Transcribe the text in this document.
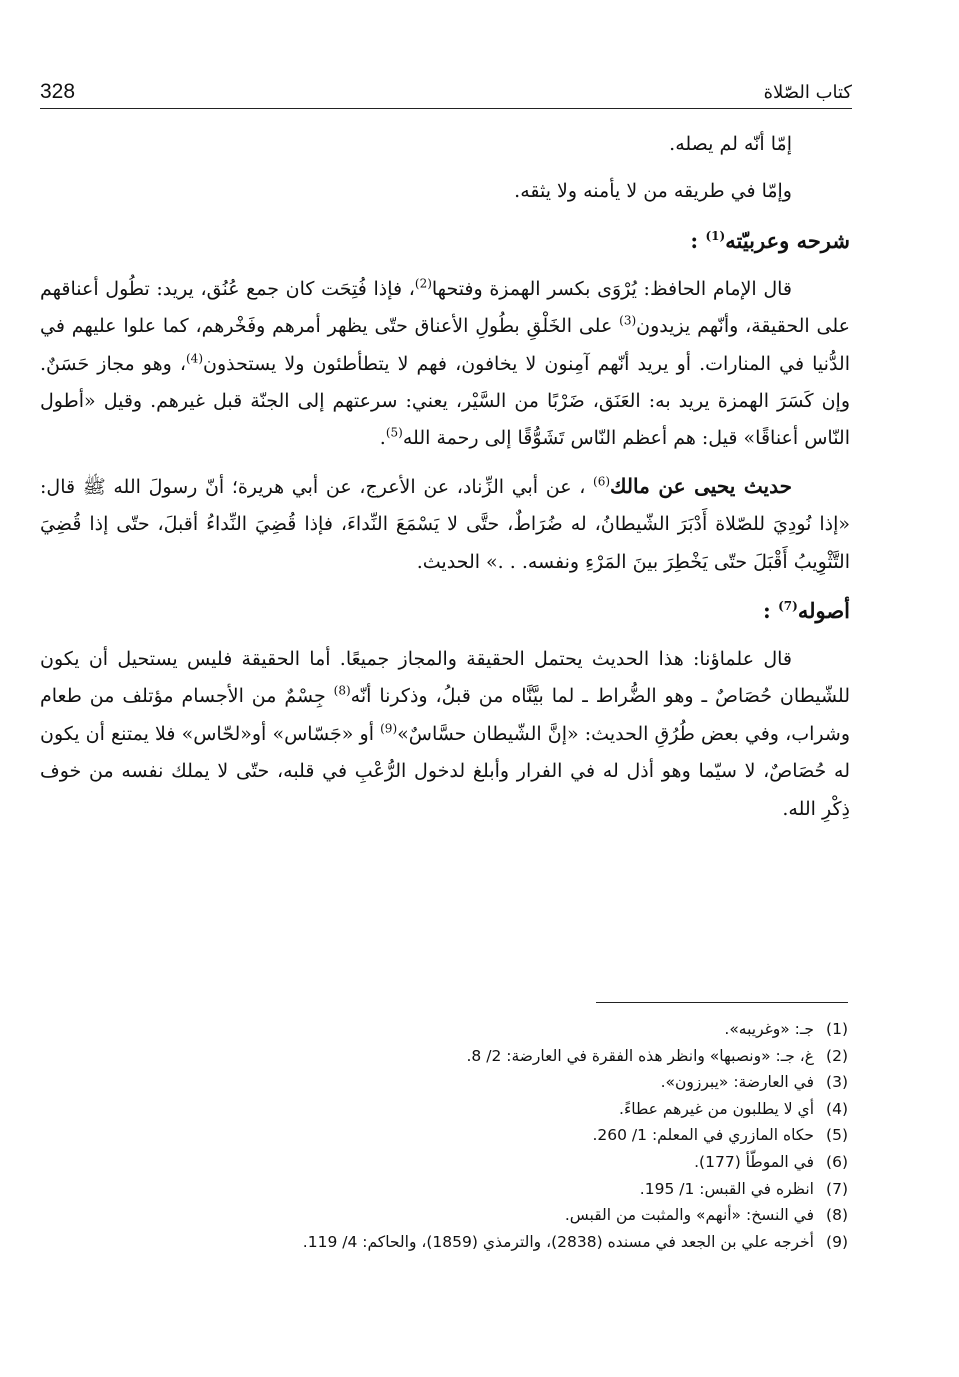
328	كتاب الصّلاة

إمّا أنّه لم يصله.

وإمّا في طريقه من لا يأمنه ولا يثقه.

شرحه وعربيّته$^{(1)}$ :

قال الإمام الحافظ: يُرْوَى بكسر الهمزة وفتحها$^{(2)}$، فإذا فُتِحَت كان جمع عُنُق، يريد: تطُول أعناقهم على الحقيقة، وأنّهم يزيدون$^{(3)}$ على الخَلْقِ بطُولِ الأعناق حتّى يظهر أمرهم وفَخْرهم، كما علوا عليهم في الدُّنيا في المنارات. أو يريد أنّهم آمِنون لا يخافون، فهم لا يتطأطئون ولا يستحذون$^{(4)}$، وهو مجاز حَسَنٌ. وإن كَسَرَ الهمزة يريد به: العَنَق، ضَرْبًا من السَّيْر، يعني: سرعتهم إلى الجنّة قبل غيرهم. وقيل «أطول النّاس أعناقًا» قيل: هم أعظم النّاس تَشَوُّقًا إلى رحمة الله$^{(5)}$.

حديث يحيى عن مالك$^{(6)}$ ، عن أبي الزِّناد، عن الأعرج، عن أبي هريرة؛ أنّ رسولَ الله ﷺ قال: «إذا نُودِيَ للصّلاة أَدْبَرَ الشّيطانُ، له ضُرَاطٌ، حتَّى لا يَسْمَعَ النِّداءَ، فإذا قُضِيَ النِّداءُ أقبلَ، حتّى إذا قُضِيَ التَّثْوِيبُ أَقْبَلَ حتّى يَخْطِرَ بينَ المَرْءِ ونفسه. . .» الحديث.

أصوله$^{(7)}$ :

قال علماؤنا: هذا الحديث يحتمل الحقيقة والمجاز جميعًا. أما الحقيقة فليس يستحيل أن يكون للشّيطان حُصَاصٌ ـ وهو الضُّراط ـ لما بيَّنَّاه من قبلُ، وذكرنا أنّه$^{(8)}$ جِسْمٌ من الأجسام مؤتلف من طعام وشراب، وفي بعض طُرُقِ الحديث: «إنَّ الشّيطان حسَّاسٌ»$^{(9)}$ أو «جَسّاس» أو«لحّاس» فلا يمتنع أن يكون له حُصَاصٌ، لا سيّما وهو أذل له في الفرار وأبلغ لدخول الرُّعْبِ في قلبه، حتّى لا يملك نفسه من خوف ذِكْرِ الله.

(1)
جـ: «وغريبه».
(2)
غ، جـ: «ونصبها» وانظر هذه الفقرة في العارضة: 2/ 8.
(3)
في العارضة: «يبرزون».
(4)
أي لا يطلبون من غيرهم عطاءً.
(5)
حكاه المازري في المعلم: 1/ 260.
(6)
في الموطّأ (177).
(7)
انظره في القبس: 1/ 195.
(8)
في النسخ: «أنهم» والمثبت من القبس.
(9)
أخرجه علي بن الجعد في مسنده (2838)، والترمذي (1859)، والحاكم: 4/ 119.
